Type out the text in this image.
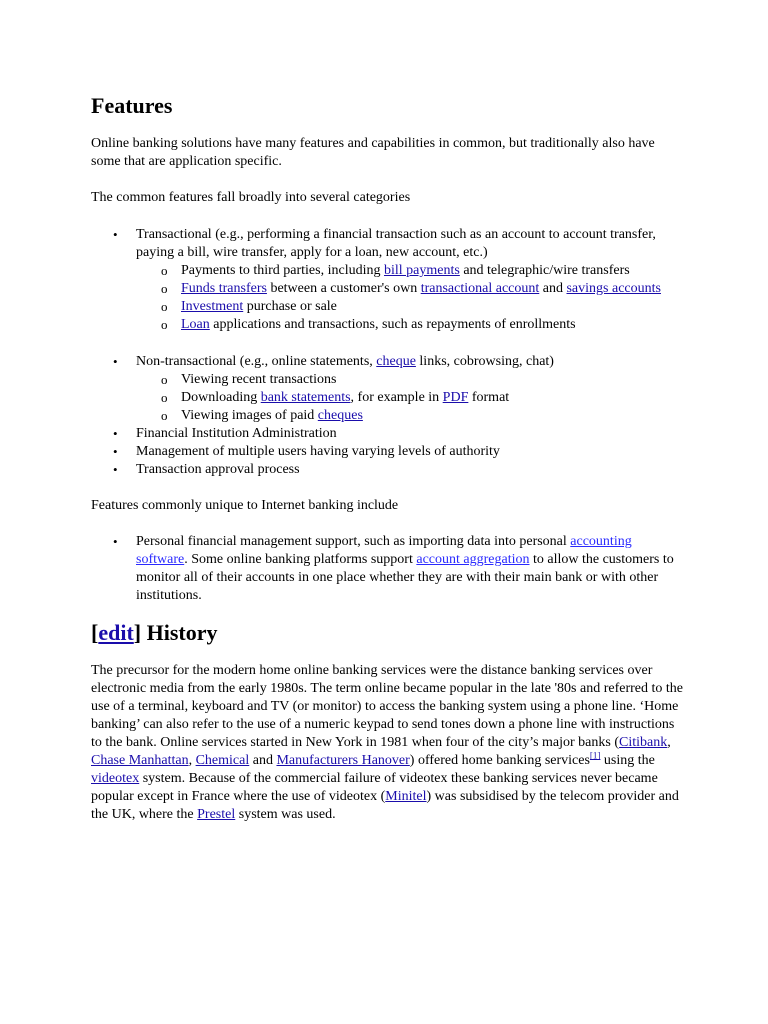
Features

Online banking solutions have many features and capabilities in common, but traditionally also have some that are application specific.

The common features fall broadly into several categories

• Transactional (e.g., performing a financial transaction such as an account to account transfer, paying a bill, wire transfer, apply for a loan, new account, etc.)
o Payments to third parties, including bill payments and telegraphic/wire transfers
o Funds transfers between a customer's own transactional account and savings accounts
o Investment purchase or sale
o Loan applications and transactions, such as repayments of enrollments
• Non-transactional (e.g., online statements, cheque links, cobrowsing, chat)
o Viewing recent transactions
o Downloading bank statements, for example in PDF format
o Viewing images of paid cheques
• Financial Institution Administration
• Management of multiple users having varying levels of authority
• Transaction approval process

Features commonly unique to Internet banking include

• Personal financial management support, such as importing data into personal accounting software. Some online banking platforms support account aggregation to allow the customers to monitor all of their accounts in one place whether they are with their main bank or with other institutions.
[edit] History

The precursor for the modern home online banking services were the distance banking services over electronic media from the early 1980s. The term online became popular in the late '80s and referred to the use of a terminal, keyboard and TV (or monitor) to access the banking system using a phone line. ‘Home banking’ can also refer to the use of a numeric keypad to send tones down a phone line with instructions to the bank. Online services started in New York in 1981 when four of the city’s major banks (Citibank, Chase Manhattan, Chemical and Manufacturers Hanover) offered home banking services[1] using the videotex system. Because of the commercial failure of videotex these banking services never became popular except in France where the use of videotex (Minitel) was subsidised by the telecom provider and the UK, where the Prestel system was used.
